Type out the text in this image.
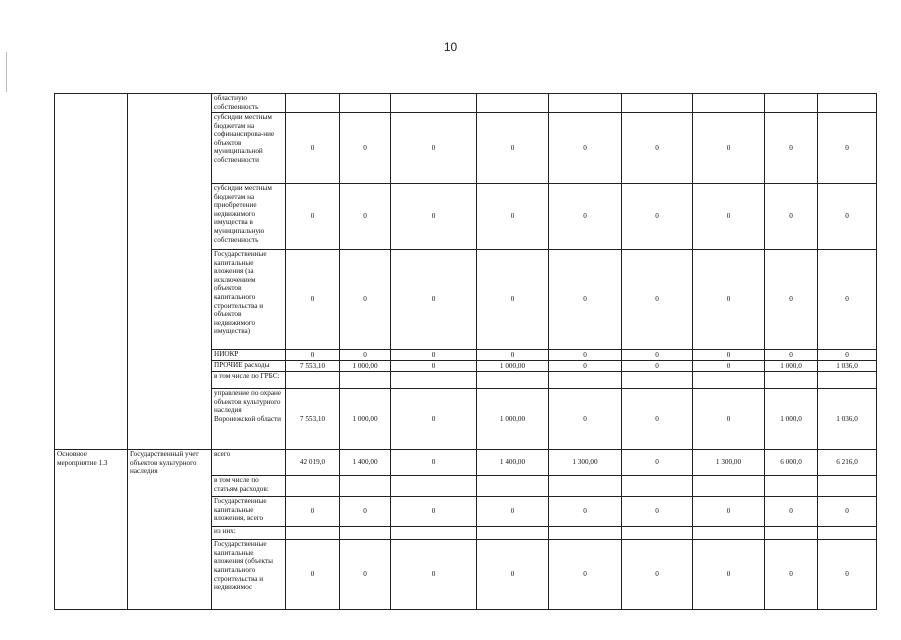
10
		областную собственность									
		субсидии местным бюджетам на софинансирова-ние объектов муниципальной собственности	0	0	0	0	0	0	0	0	0
		субсидии местным бюджетам на приобретение недвижимого имущества в муниципальную собственность	0	0	0	0	0	0	0	0	0
		Государственные капитальные вложения (за исключением объектов капитального строительства и объектов недвижимого имущества)	0	0	0	0	0	0	0	0	0
		НИОКР	0	0	0	0	0	0	0	0	0
		ПРОЧИЕ расходы	7 553,10	1 000,00	0	1 000,00	0	0	0	1 000,0	1 036,0
		в том числе по ГРБС:									
		управление по охране объектов культурного наследия Воронежской области	7 553,10	1 000,00	0	1 000,00	0	0	0	1 000,0	1 036,0
Основное мероприятие 1.3	Государственный учет объектов культурного наследия	всего	42 019,0	1 400,00	0	1 400,00	1 300,00	0	1 300,00	6 000,0	6 216,0
		в том числе по статьям расходов:									
		Государственные капитальные вложения, всего	0	0	0	0	0	0	0	0	0
		из них:									
		Государственные капитальные вложения (объекты капитального строительства и недвижимос	0	0	0	0	0	0	0	0	0
